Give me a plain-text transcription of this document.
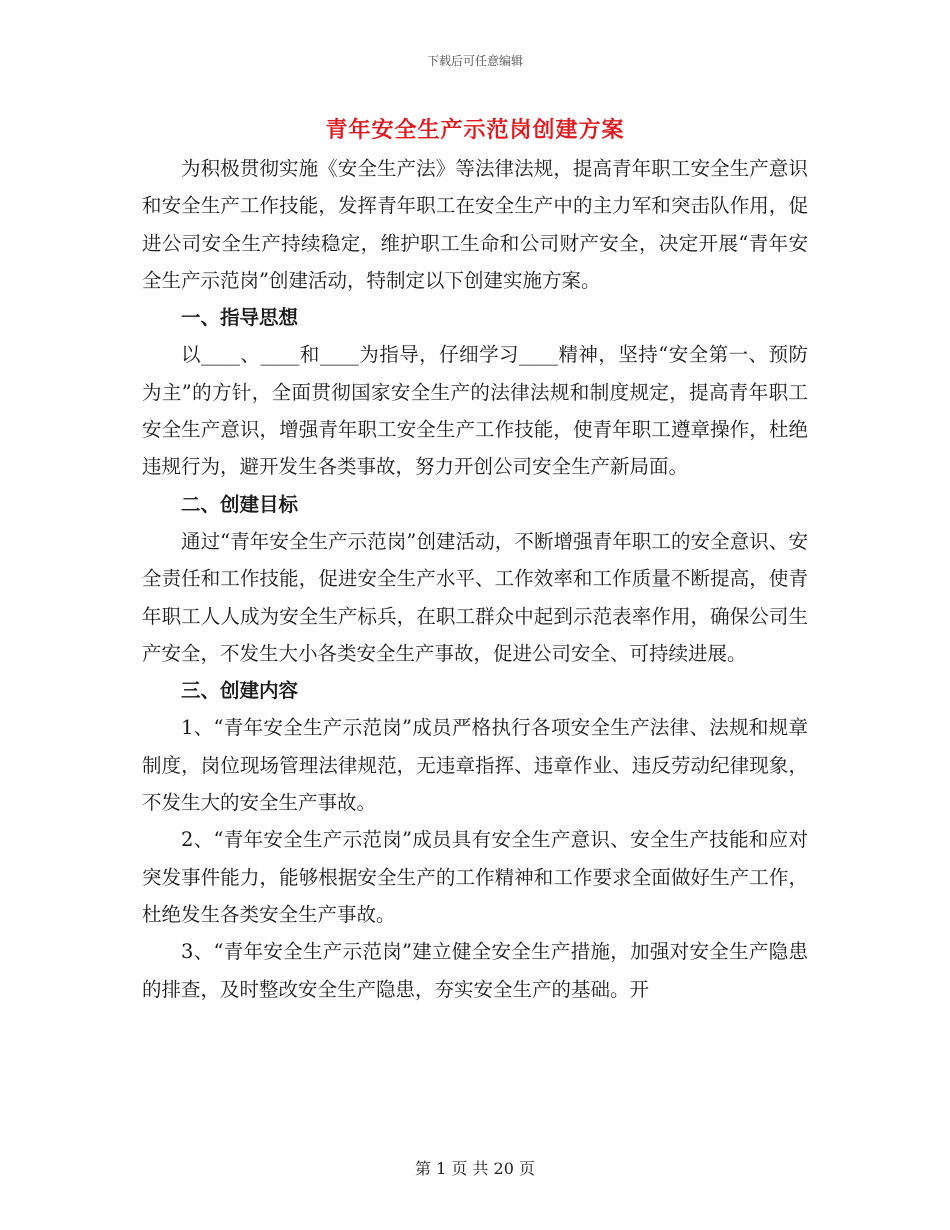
下载后可任意编辑
青年安全生产示范岗创建方案

为积极贯彻实施《安全生产法》等法律法规，提高青年职工安全生产意识和安全生产工作技能，发挥青年职工在安全生产中的主力军和突击队作用，促进公司安全生产持续稳定，维护职工生命和公司财产安全，决定开展“青年安全生产示范岗”创建活动，特制定以下创建实施方案。

一、指导思想

以____、____和____为指导，仔细学习____精神，坚持“安全第一、预防为主”的方针，全面贯彻国家安全生产的法律法规和制度规定，提高青年职工安全生产意识，增强青年职工安全生产工作技能，使青年职工遵章操作，杜绝违规行为，避开发生各类事故，努力开创公司安全生产新局面。

二、创建目标

通过“青年安全生产示范岗”创建活动，不断增强青年职工的安全意识、安全责任和工作技能，促进安全生产水平、工作效率和工作质量不断提高，使青年职工人人成为安全生产标兵，在职工群众中起到示范表率作用，确保公司生产安全，不发生大小各类安全生产事故，促进公司安全、可持续进展。

三、创建内容

1、“青年安全生产示范岗”成员严格执行各项安全生产法律、法规和规章制度，岗位现场管理法律规范，无违章指挥、违章作业、违反劳动纪律现象，不发生大的安全生产事故。

2、“青年安全生产示范岗”成员具有安全生产意识、安全生产技能和应对突发事件能力，能够根据安全生产的工作精神和工作要求全面做好生产工作，杜绝发生各类安全生产事故。

3、“青年安全生产示范岗”建立健全安全生产措施，加强对安全生产隐患的排查，及时整改安全生产隐患，夯实安全生产的基础。开

第 1 页 共 20 页
